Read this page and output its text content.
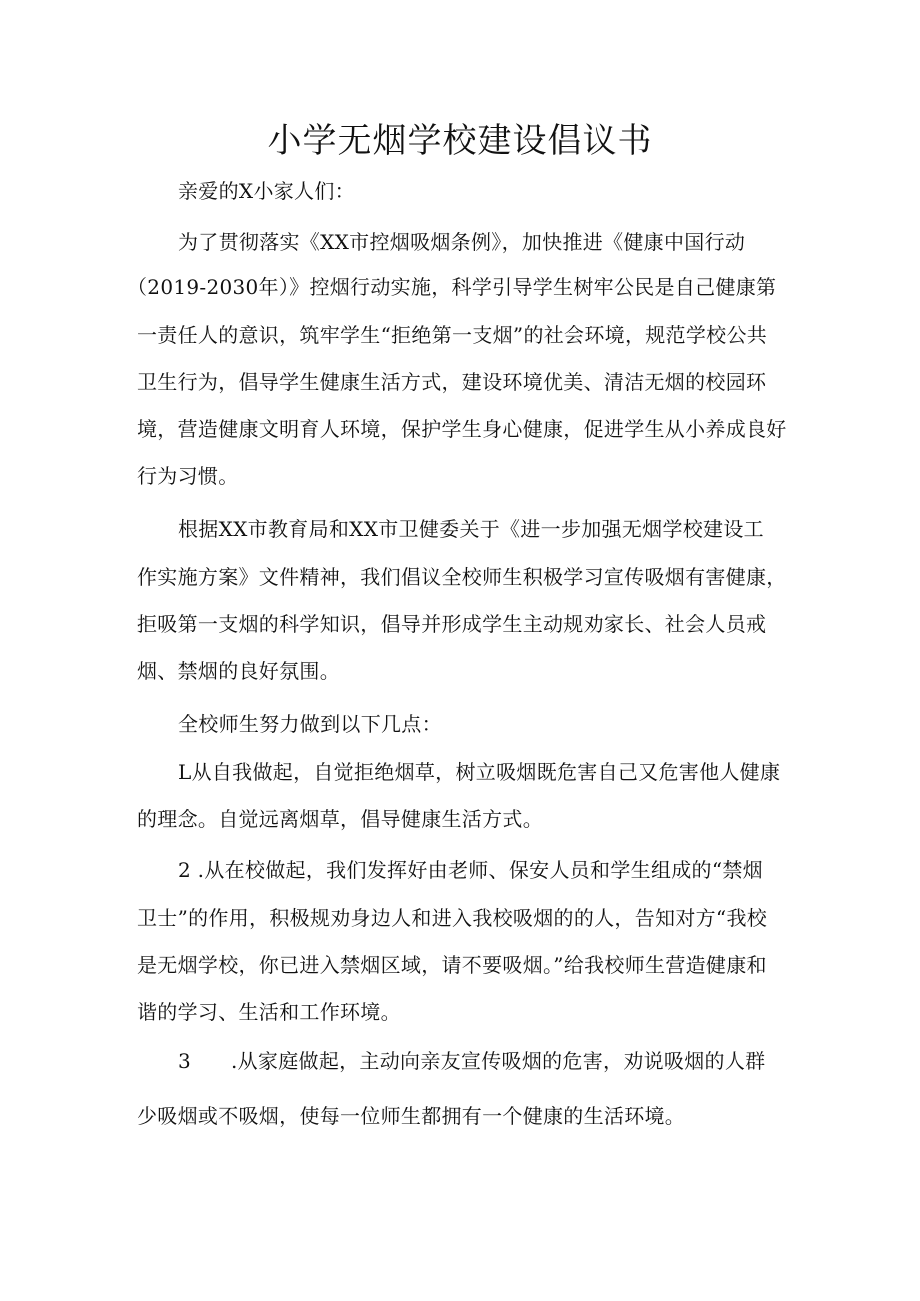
小学无烟学校建设倡议书

亲爱的X小家人们：

为了贯彻落实《XX市控烟吸烟条例》，加快推进《健康中国行动

（2019-2030年）》控烟行动实施，科学引导学生树牢公民是自己健康第

一责任人的意识，筑牢学生“拒绝第一支烟”的社会环境，规范学校公共

卫生行为，倡导学生健康生活方式，建设环境优美、清洁无烟的校园环

境，营造健康文明育人环境，保护学生身心健康，促进学生从小养成良好

行为习惯。

根据XX市教育局和XX市卫健委关于《进一步加强无烟学校建设工

作实施方案》文件精神，我们倡议全校师生积极学习宣传吸烟有害健康，

拒吸第一支烟的科学知识，倡导并形成学生主动规劝家长、社会人员戒

烟、禁烟的良好氛围。

全校师生努力做到以下几点：

L从自我做起，自觉拒绝烟草，树立吸烟既危害自己又危害他人健康

的理念。自觉远离烟草，倡导健康生活方式。

2 .从在校做起，我们发挥好由老师、保安人员和学生组成的“禁烟

卫士”的作用，积极规劝身边人和进入我校吸烟的的人，告知对方“我校

是无烟学校，你已进入禁烟区域，请不要吸烟。”给我校师生营造健康和

谐的学习、生活和工作环境。

3      .从家庭做起，主动向亲友宣传吸烟的危害，劝说吸烟的人群

少吸烟或不吸烟，使每一位师生都拥有一个健康的生活环境。
